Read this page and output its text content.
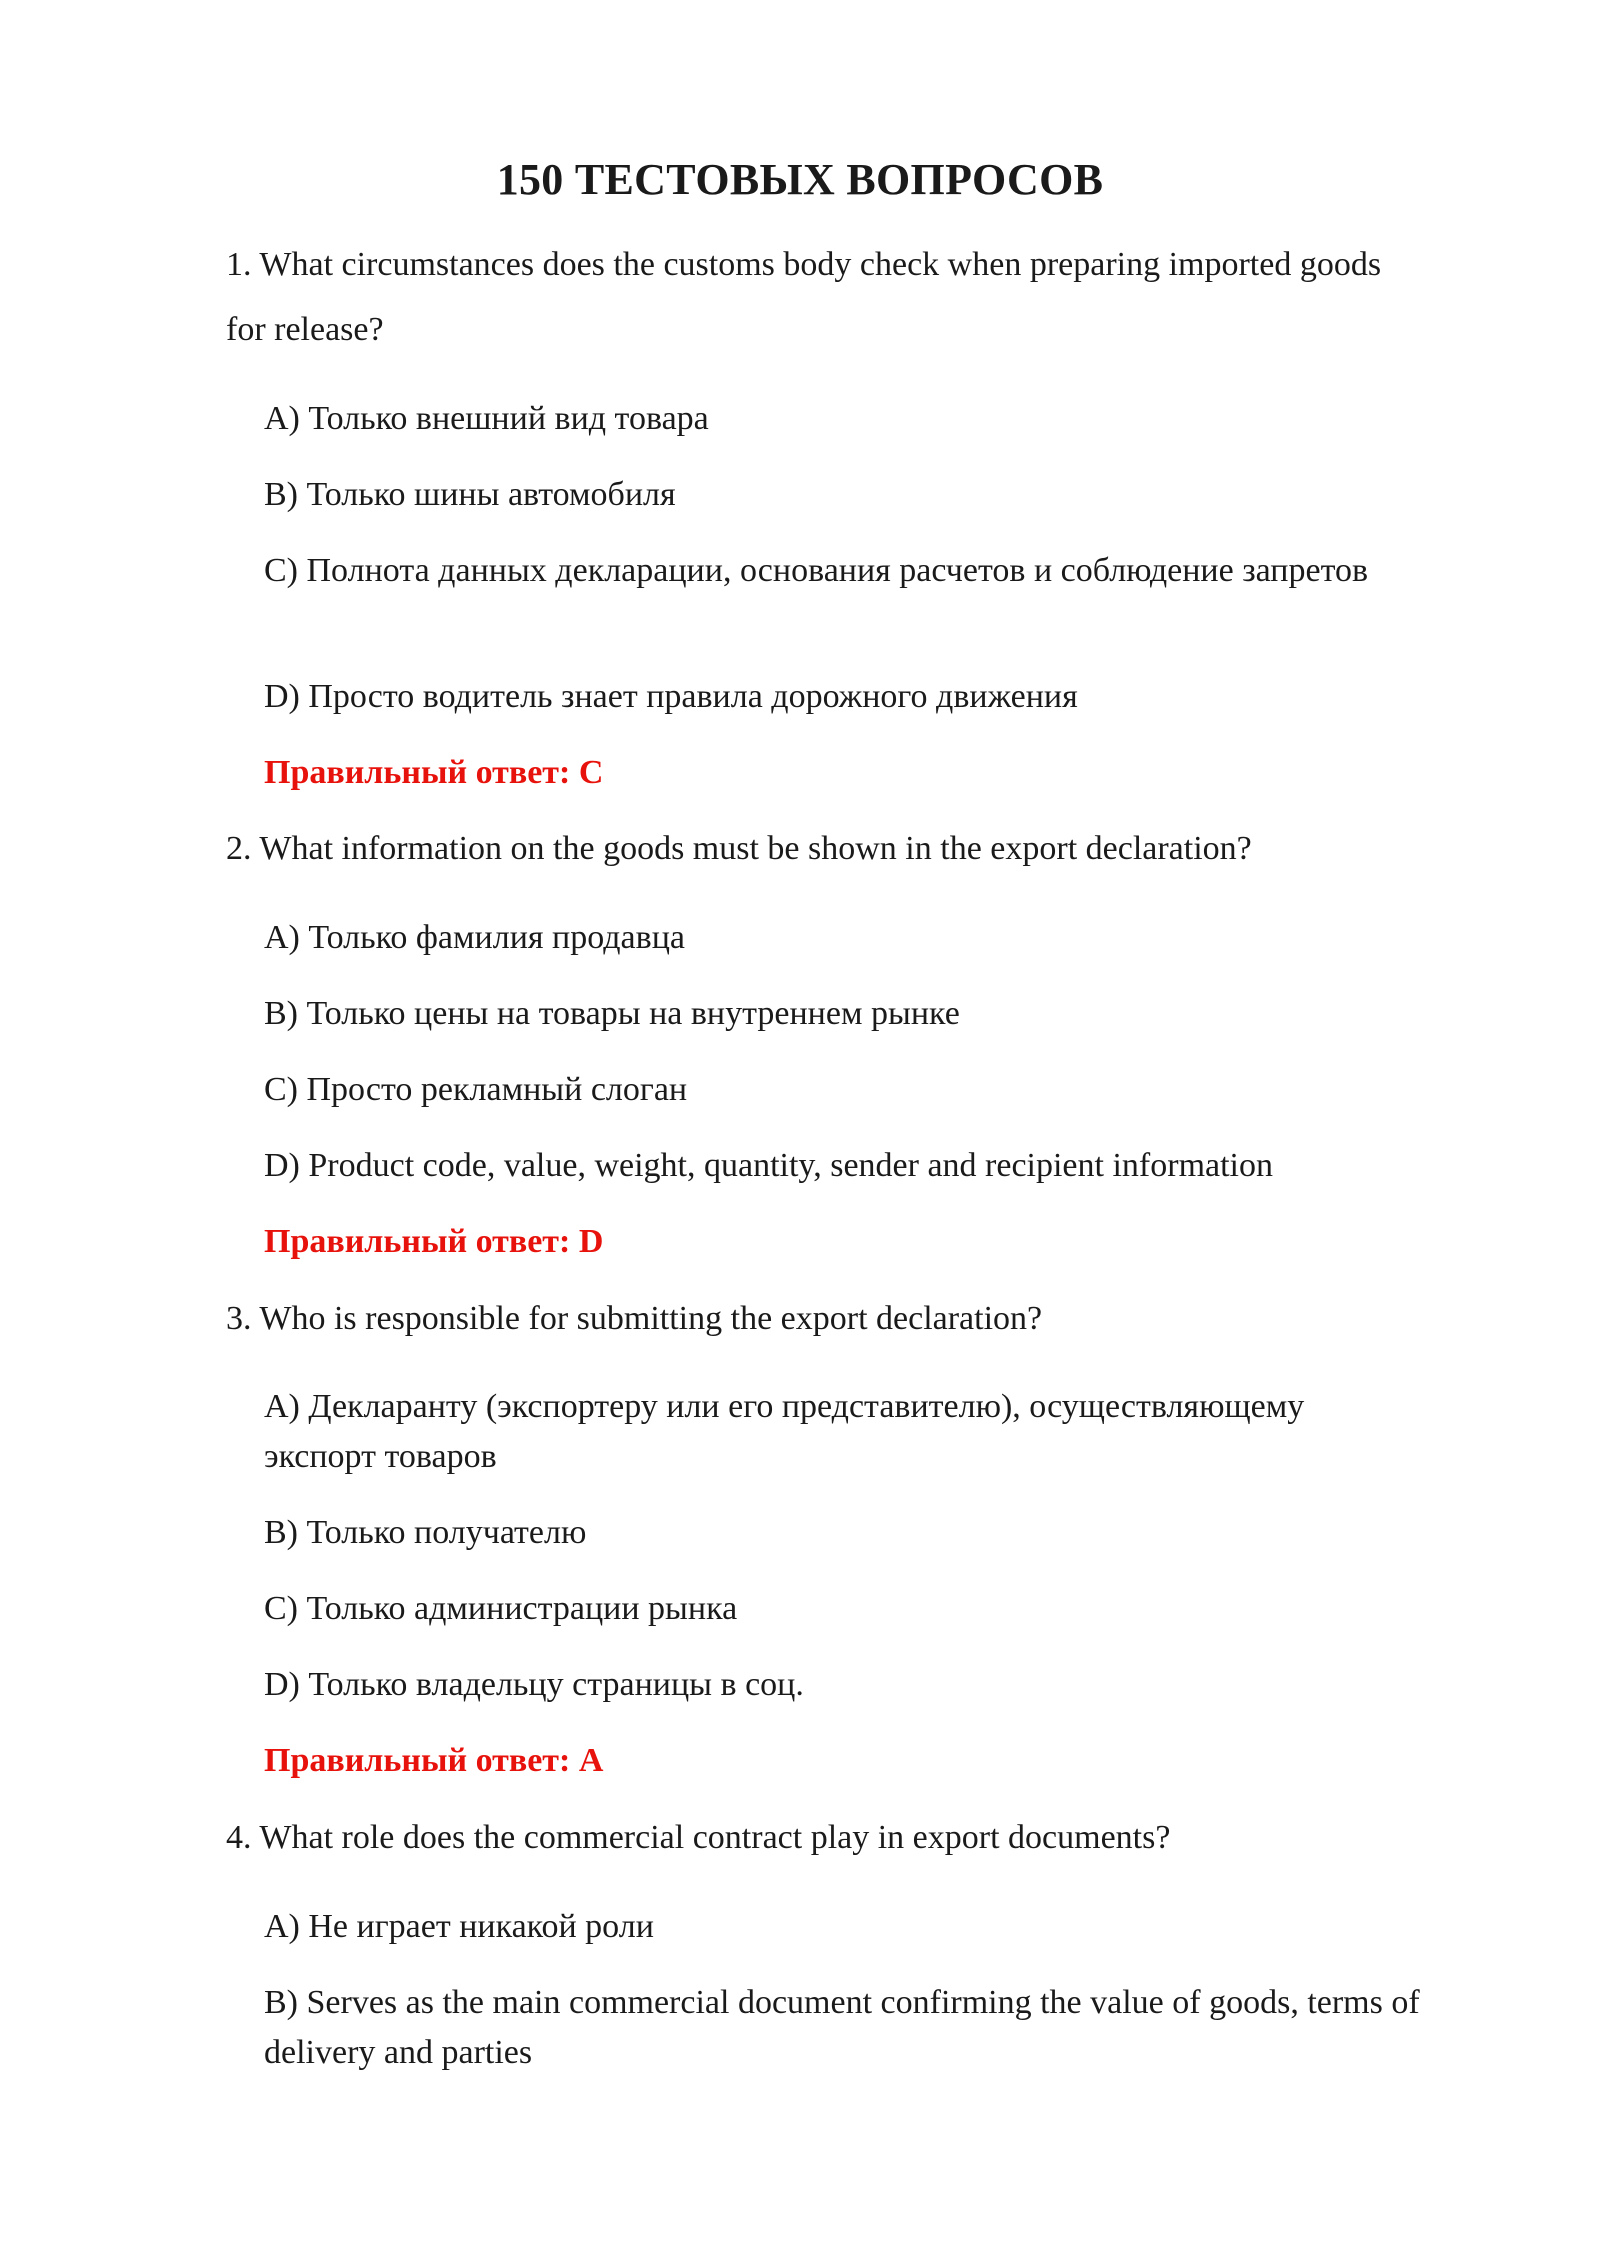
150 ТЕСТОВЫХ ВОПРОСОВ

1. What circumstances does the customs body check when preparing imported goods for release?

A) Только внешний вид товара

B) Только шины автомобиля

C) Полнота данных декларации, основания расчетов и соблюдение запретов

D) Просто водитель знает правила дорожного движения

Правильный ответ: C

2. What information on the goods must be shown in the export declaration?

A) Только фамилия продавца

B) Только цены на товары на внутреннем рынке

C) Просто рекламный слоган

D) Product code, value, weight, quantity, sender and recipient information

Правильный ответ: D

3. Who is responsible for submitting the export declaration?

A) Декларанту (экспортеру или его представителю), осуществляющему экспорт товаров

B) Только получателю

C) Только администрации рынка

D) Только владельцу страницы в соц.

Правильный ответ: A

4. What role does the commercial contract play in export documents?

A) Не играет никакой роли

B) Serves as the main commercial document confirming the value of goods, terms of delivery and parties
